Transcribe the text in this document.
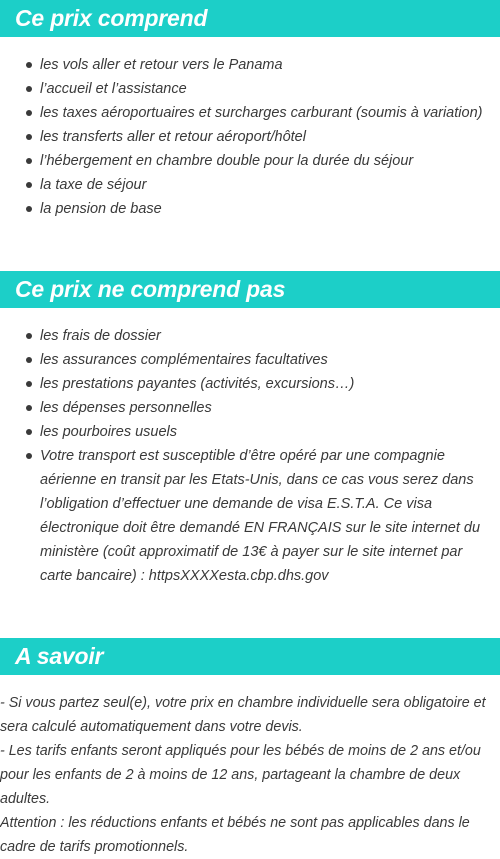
Ce prix comprend
les vols aller et retour vers le Panama
l’accueil et l’assistance
les taxes aéroportuaires et surcharges carburant (soumis à variation)
les transferts aller et retour aéroport/hôtel
l’hébergement en chambre double pour la durée du séjour
la taxe de séjour
la pension de base
Ce prix ne comprend pas
les frais de dossier
les assurances complémentaires facultatives
les prestations payantes (activités, excursions…)
les dépenses personnelles
les pourboires usuels
Votre transport est susceptible d’être opéré par une compagnie aérienne en transit par les Etats-Unis, dans ce cas vous serez dans l’obligation d’effectuer une demande de visa E.S.T.A. Ce visa électronique doit être demandé EN FRANÇAIS sur le site internet du ministère (coût approximatif de 13€ à payer sur le site internet par carte bancaire) : httpsXXXXesta.cbp.dhs.gov
A savoir

- Si vous partez seul(e), votre prix en chambre individuelle sera obligatoire et sera calculé automatiquement dans votre devis.

- Les tarifs enfants seront appliqués pour les bébés de moins de 2 ans et/ou pour les enfants de 2 à moins de 12 ans, partageant la chambre de deux adultes.

Attention : les réductions enfants et bébés ne sont pas applicables dans le cadre de tarifs promotionnels.
